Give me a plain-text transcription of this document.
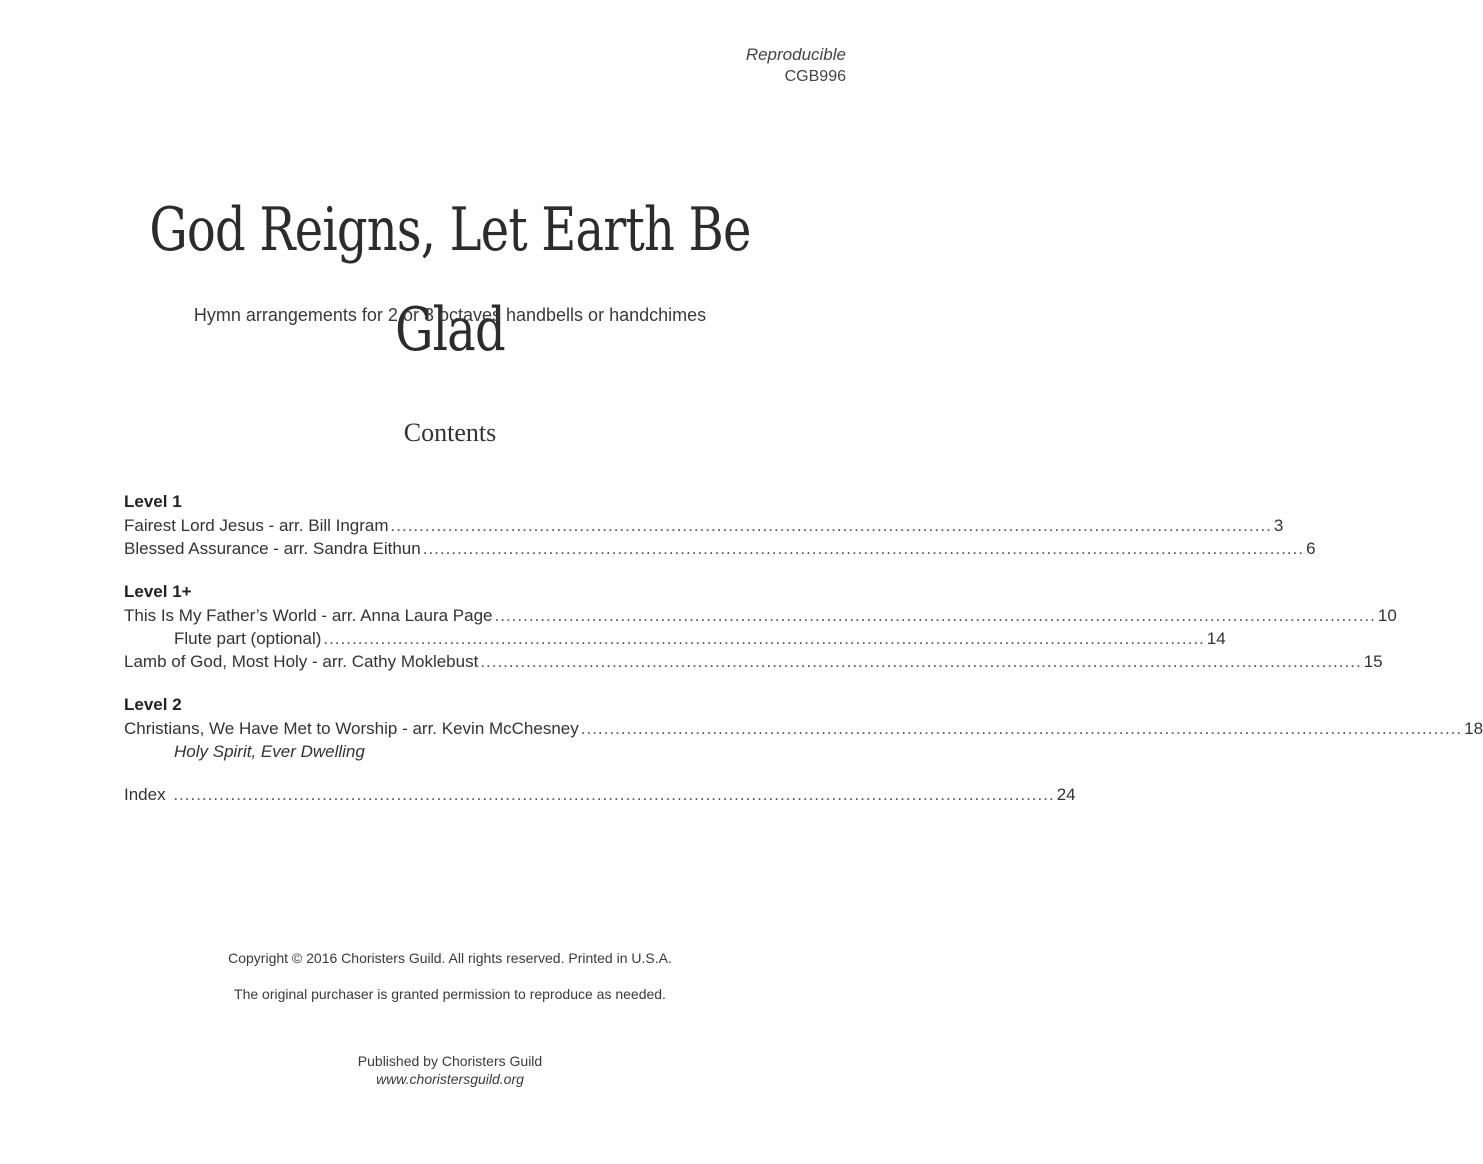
Reproducible
CGB996
God Reigns, Let Earth Be Glad
Hymn arrangements for 2 or 3 octaves handbells or handchimes
Contents
Level 1
Fairest Lord Jesus - arr. Bill Ingram .......................................................................................................................................................... 3
Blessed Assurance - arr. Sandra Eithun .......................................................................................................................................................... 6
Level 1+
This Is My Father’s World - arr. Anna Laura Page .......................................................................................................................................................... 10
Flute part (optional) .......................................................................................................................................................... 14
Lamb of God, Most Holy - arr. Cathy Moklebust .......................................................................................................................................................... 15
Level 2
Christians, We Have Met to Worship - arr. Kevin McChesney .......................................................................................................................................................... 18
Holy Spirit, Ever Dwelling
Index .......................................................................................................................................................... 24
Copyright © 2016 Choristers Guild. All rights reserved. Printed in U.S.A.
The original purchaser is granted permission to reproduce as needed.
Published by Choristers Guild
www.choristersguild.org
